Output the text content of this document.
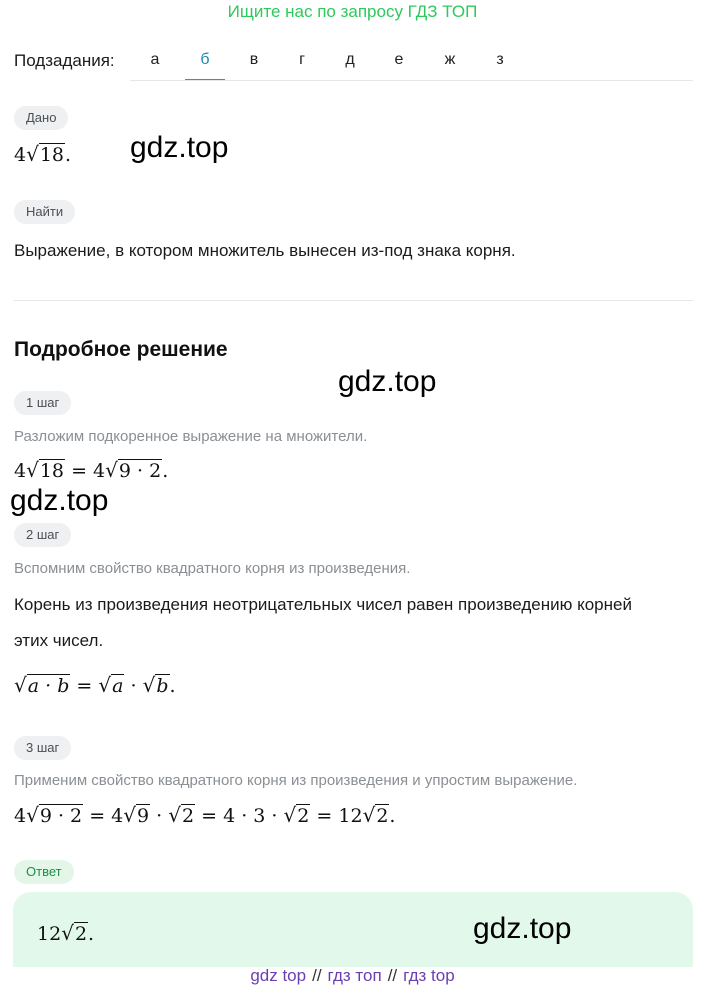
Ищите нас по запросу ГДЗ ТОП
Подзадания:	а	б	в	г	д	е	ж	з
Дано
4√18.
Найти
Выражение, в котором множитель вынесен из-под знака корня.
Подробное решение
1 шаг
Разложим подкоренное выражение на множители.
4√18 = 4√9 · 2.
2 шаг
Вспомним свойство квадратного корня из произведения.
Корень из произведения неотрицательных чисел равен произведению корней
этих чисел.
√a · b = √a · √b.
3 шаг
Применим свойство квадратного корня из произведения и упростим выражение.
4√9 · 2 = 4√9 · √2 = 4 · 3 · √2 = 12√2.
Ответ
12√2.
gdz.top
gdz.top
gdz.top
gdz.top
gdz top // гдз топ // гдз top
